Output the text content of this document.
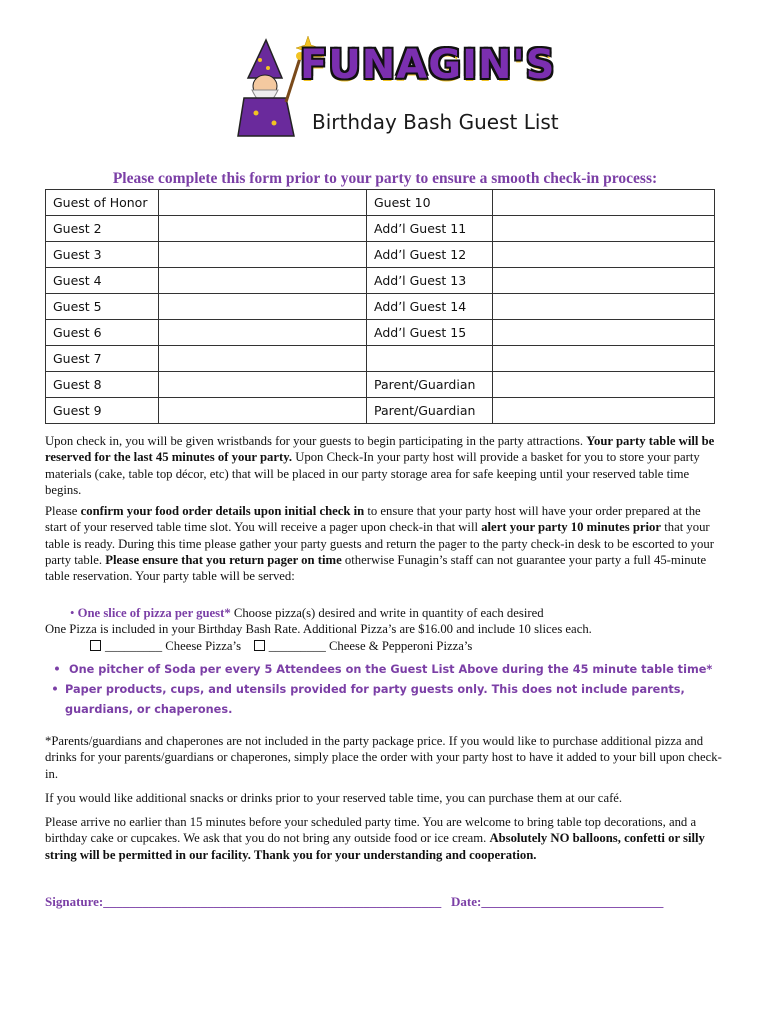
FUNAGIN'S
Birthday Bash Guest List
Please complete this form prior to your party to ensure a smooth check-in process:
Guest of Honor		Guest 10	
Guest 2		Add’l Guest 11	
Guest 3		Add’l Guest 12	
Guest 4		Add’l Guest 13	
Guest 5		Add’l Guest 14	
Guest 6		Add’l Guest 15	
Guest 7			
Guest 8		Parent/Guardian	
Guest 9		Parent/Guardian	

Upon check in, you will be given wristbands for your guests to begin participating in the party attractions. Your party table will be reserved for the last 45 minutes of your party. Upon Check-In your party host will provide a basket for you to store your party materials (cake, table top décor, etc) that will be placed in our party storage area for safe keeping until your reserved table time begins.

Please confirm your food order details upon initial check in to ensure that your party host will have your order prepared at the start of your reserved table time slot. You will receive a pager upon check-in that will alert your party 10 minutes prior that your table is ready. During this time please gather your party guests and return the pager to the party check-in desk to be escorted to your party table. Please ensure that you return pager on time otherwise Funagin’s staff can not guarantee your party a full 45-minute table reservation. Your party table will be served:

• One slice of pizza per guest* Choose pizza(s) desired and write in quantity of each desired
One Pizza is included in your Birthday Bash Rate. Additional Pizza’s are $16.00 and include 10 slices each.
_________ Cheese Pizza’s _________ Cheese & Pepperoni Pizza’s
• One pitcher of Soda per every 5 Attendees on the Guest List Above during the 45 minute table time*
• Paper products, cups, and utensils provided for party guests only. This does not include parents, guardians, or chaperones.

*Parents/guardians and chaperones are not included in the party package price. If you would like to purchase additional pizza and drinks for your parents/guardians or chaperones, simply place the order with your party host to have it added to your bill upon check-in.

If you would like additional snacks or drinks prior to your reserved table time, you can purchase them at our café.

Please arrive no earlier than 15 minutes before your scheduled party time. You are welcome to bring table top decorations, and a birthday cake or cupcakes. We ask that you do not bring any outside food or ice cream. Absolutely NO balloons, confetti or silly string will be permitted in our facility. Thank you for your understanding and cooperation.

Signature:____________________________________________________ Date:____________________________
